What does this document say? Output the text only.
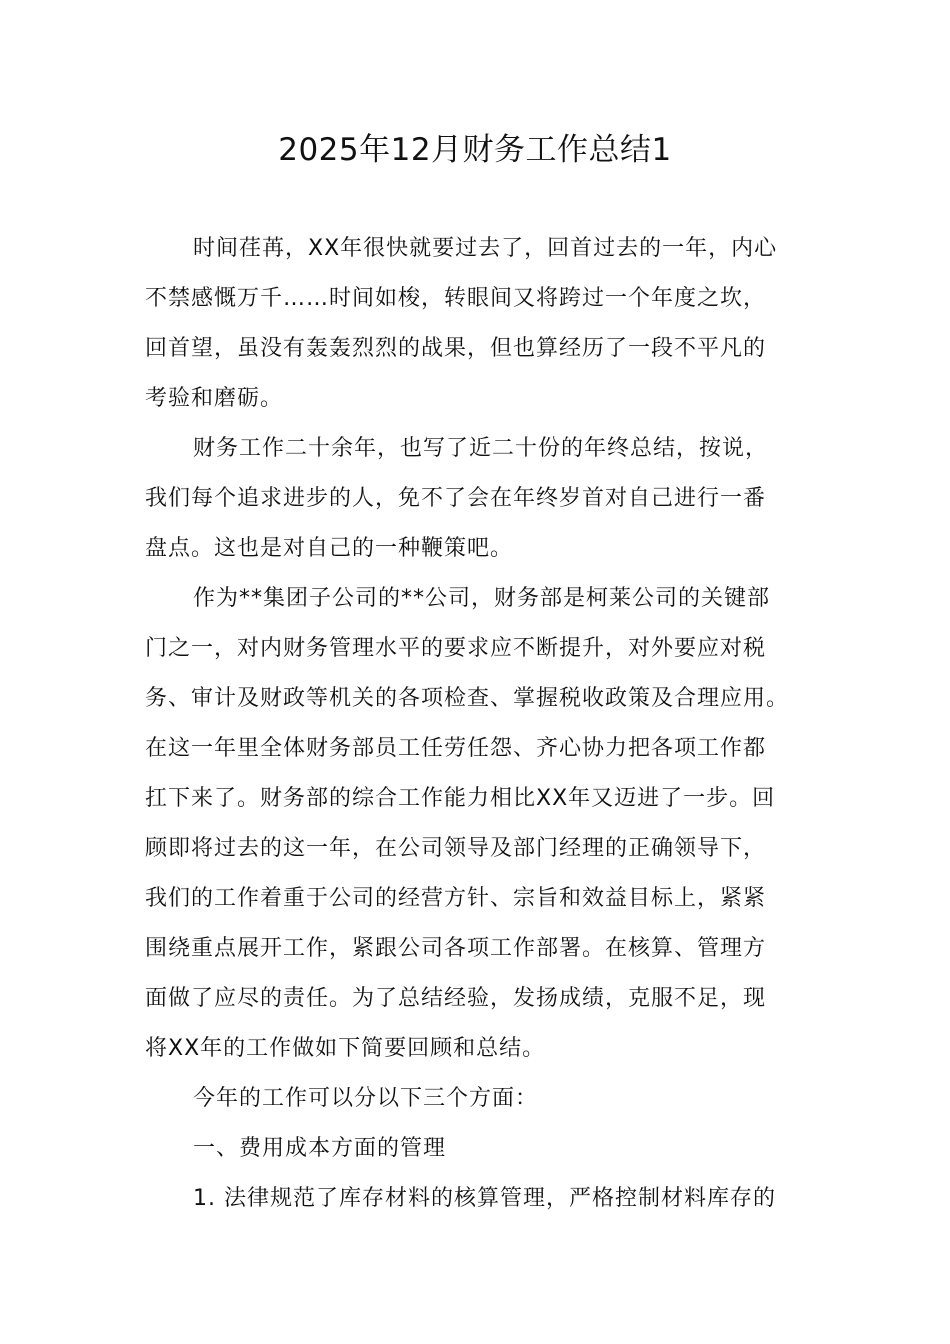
2025年12月财务工作总结1
时间荏苒，XX年很快就要过去了，回首过去的一年，内心
不禁感慨万千……时间如梭，转眼间又将跨过一个年度之坎，
回首望，虽没有轰轰烈烈的战果，但也算经历了一段不平凡的
考验和磨砺。
财务工作二十余年，也写了近二十份的年终总结，按说，
我们每个追求进步的人，免不了会在年终岁首对自己进行一番
盘点。这也是对自己的一种鞭策吧。
作为**集团子公司的**公司，财务部是柯莱公司的关键部
门之一，对内财务管理水平的要求应不断提升，对外要应对税
务、审计及财政等机关的各项检查、掌握税收政策及合理应用。
在这一年里全体财务部员工任劳任怨、齐心协力把各项工作都
扛下来了。财务部的综合工作能力相比XX年又迈进了一步。回
顾即将过去的这一年，在公司领导及部门经理的正确领导下，
我们的工作着重于公司的经营方针、宗旨和效益目标上，紧紧
围绕重点展开工作，紧跟公司各项工作部署。在核算、管理方
面做了应尽的责任。为了总结经验，发扬成绩，克服不足，现
将XX年的工作做如下简要回顾和总结。
今年的工作可以分以下三个方面：
一、费用成本方面的管理
1. 法律规范了库存材料的核算管理，严格控制材料库存的
